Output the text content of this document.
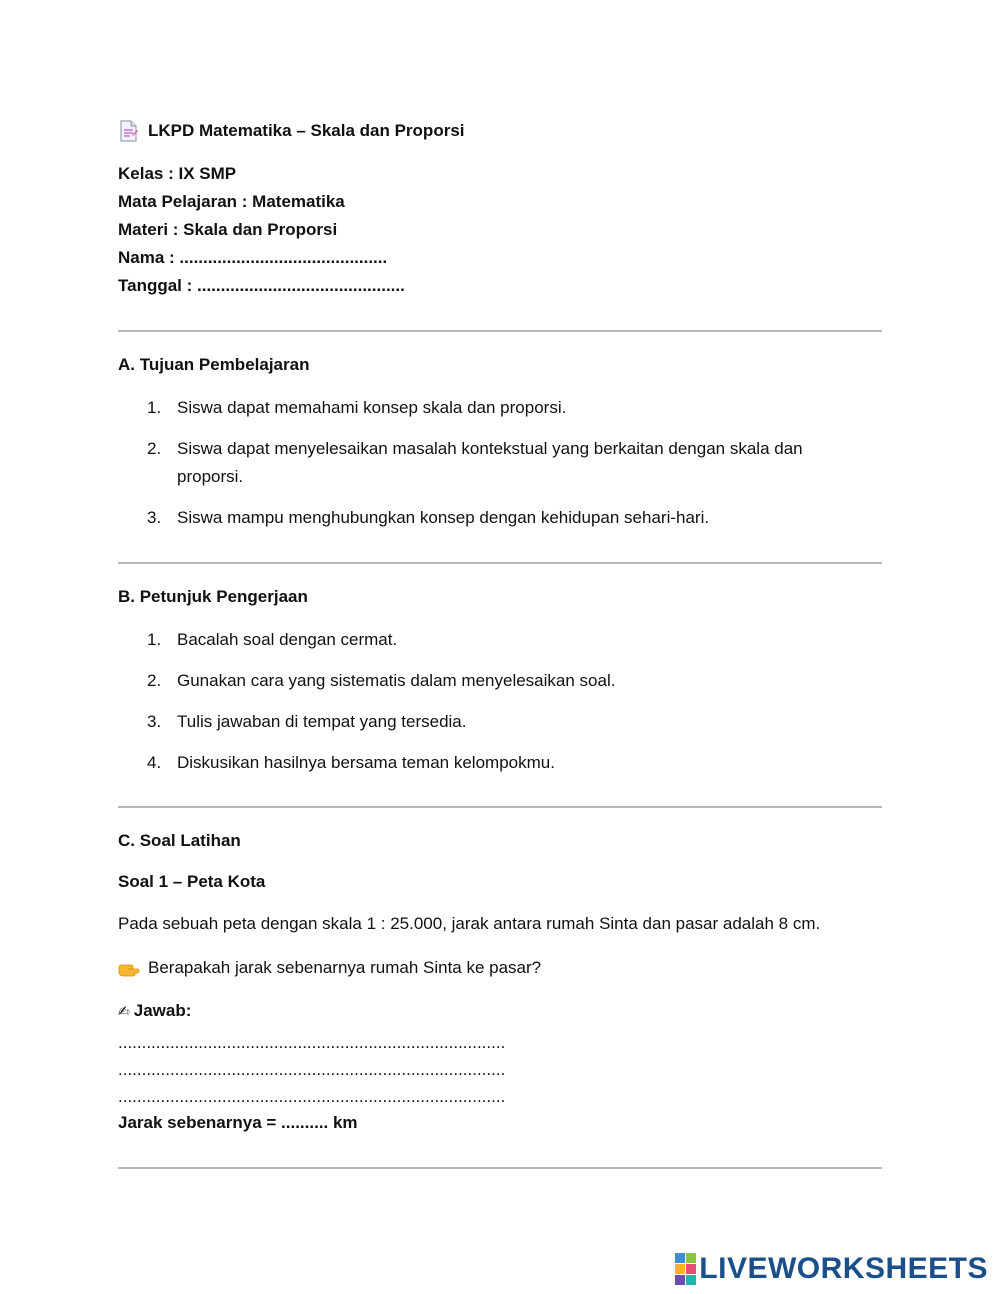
LKPD Matematika – Skala dan Proporsi
Kelas : IX SMP
Mata Pelajaran : Matematika
Materi : Skala dan Proporsi
Nama : ............................................
Tanggal : ............................................
A. Tujuan Pembelajaran
1. Siswa dapat memahami konsep skala dan proporsi.
2. Siswa dapat menyelesaikan masalah kontekstual yang berkaitan dengan skala dan proporsi.
3. Siswa mampu menghubungkan konsep dengan kehidupan sehari-hari.
B. Petunjuk Pengerjaan
1. Bacalah soal dengan cermat.
2. Gunakan cara yang sistematis dalam menyelesaikan soal.
3. Tulis jawaban di tempat yang tersedia.
4. Diskusikan hasilnya bersama teman kelompokmu.
C. Soal Latihan
Soal 1 – Peta Kota
Pada sebuah peta dengan skala 1 : 25.000, jarak antara rumah Sinta dan pasar adalah 8 cm.
Berapakah jarak sebenarnya rumah Sinta ke pasar?
✍ Jawab:
..................................................................................
..................................................................................
..................................................................................
Jarak sebenarnya = .......... km
LIVEWORKSHEETS
